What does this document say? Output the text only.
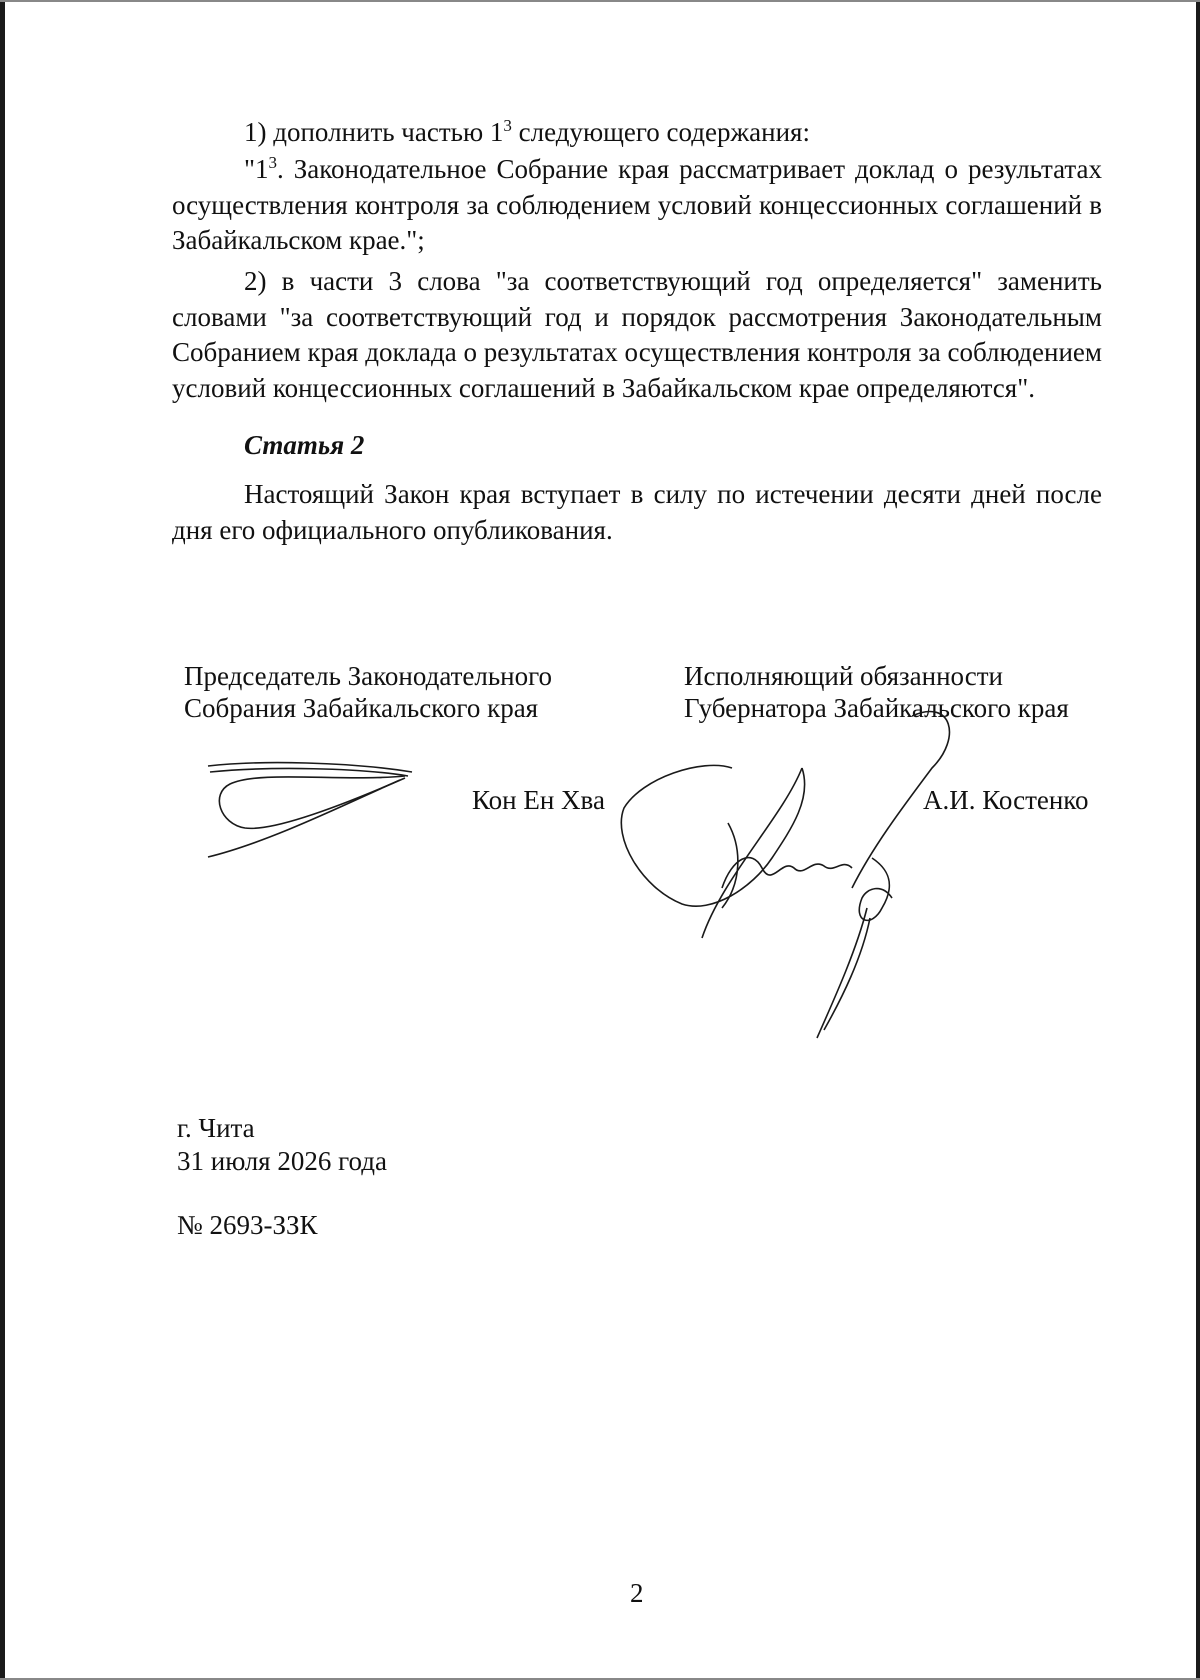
1) дополнить частью $1^3$ следующего содержания:

"$1^3$. Законодательное Собрание края рассматривает доклад о результатах осуществления контроля за соблюдением условий концессионных соглашений в Забайкальском крае.";

2) в части 3 слова "за соответствующий год определяется" заменить словами "за соответствующий год и порядок рассмотрения Законодательным Собранием края доклада о результатах осуществления контроля за соблюдением условий концессионных соглашений в Забайкальском крае определяются".

Статья 2

Настоящий Закон края вступает в силу по истечении десяти дней после дня его официального опубликования.

Председатель Законодательного
Собрания Забайкальского края
Исполняющий обязанности
Губернатора Забайкальского края
Кон Ен Хва	А.И. Костенко
г. Чита
31 июля 2026 года
№ 2693-ЗЗК
2
